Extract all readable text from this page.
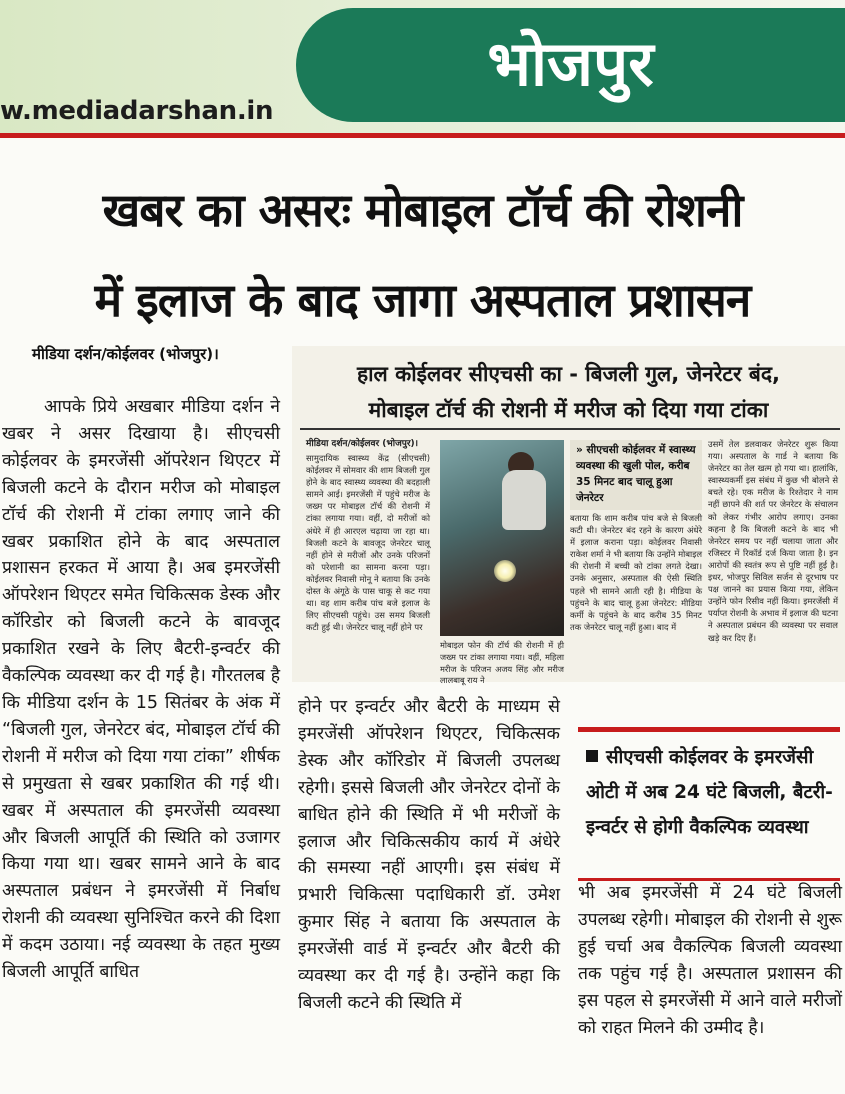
w.mediadarshan.in
भोजपुर
खबर का असरः मोबाइल टॉर्च की रोशनी
में इलाज के बाद जागा अस्पताल प्रशासन
मीडिया दर्शन/कोईलवर (भोजपुर)।

आपके प्रिये अखबार मीडिया दर्शन ने खबर ने असर दिखाया है। सीएचसी कोईलवर के इमरजेंसी ऑपरेशन थिएटर में बिजली कटने के दौरान मरीज को मोबाइल टॉर्च की रोशनी में टांका लगाए जाने की खबर प्रकाशित होने के बाद अस्पताल प्रशासन हरकत में आया है। अब इमरजेंसी ऑपरेशन थिएटर समेत चिकित्सक डेस्क और कॉरिडोर को बिजली कटने के बावजूद प्रकाशित रखने के लिए बैटरी-इन्वर्टर की वैकल्पिक व्यवस्था कर दी गई है। गौरतलब है कि मीडिया दर्शन के 15 सितंबर के अंक में “बिजली गुल, जेनरेटर बंद, मोबाइल टॉर्च की रोशनी में मरीज को दिया गया टांका” शीर्षक से प्रमुखता से खबर प्रकाशित की गई थी। खबर में अस्पताल की इमरजेंसी व्यवस्था और बिजली आपूर्ति की स्थिति को उजागर किया गया था। खबर सामने आने के बाद अस्पताल प्रबंधन ने इमरजेंसी में निर्बाध रोशनी की व्यवस्था सुनिश्चित करने की दिशा में कदम उठाया। नई व्यवस्था के तहत मुख्य बिजली आपूर्ति बाधित

हाल कोईलवर सीएचसी का - बिजली गुल, जेनरेटर बंद,
मोबाइल टॉर्च की रोशनी में मरीज को दिया गया टांका
मीडिया दर्शन/कोईलवर (भोजपुर)।
सामुदायिक स्वास्थ्य केंद्र (सीएचसी) कोईलवर में सोमवार की शाम बिजली गुल होने के बाद स्वास्थ्य व्यवस्था की बदहाली सामने आई। इमरजेंसी में पहुंचे मरीज के जख्म पर मोबाइल टॉर्च की रोशनी में टांका लगाया गया। वहीं, दो मरीजों को अंधेरे में ही आरएल चढ़ाया जा रहा था। बिजली कटने के बावजूद जेनरेटर चालू नहीं होने से मरीजों और उनके परिजनों को परेशानी का सामना करना पड़ा। कोईलवर निवासी मोनू ने बताया कि उनके दोस्त के अंगूठे के पास चाकू से कट गया था। वह शाम करीब पांच बजे इलाज के लिए सीएचसी पहुंचे। उस समय बिजली कटी हुई थी। जेनरेटर चालू नहीं होने पर
मोबाइल फोन की टॉर्च की रोशनी में ही जख्म पर टांका लगाया गया। वहीं, महिला मरीज के परिजन अजय सिंह और मरीज लालबाबू राय ने
» सीएचसी कोईलवर में स्वास्थ्य व्यवस्था की खुली पोल, करीब 35 मिनट बाद चालू हुआ जेनरेटर
बताया कि शाम करीब पांच बजे से बिजली कटी थी। जेनरेटर बंद रहने के कारण अंधेरे में इलाज कराना पड़ा। कोईलवर निवासी राकेश शर्मा ने भी बताया कि उन्होंने मोबाइल की रोशनी में बच्ची को टांका लगते देखा। उनके अनुसार, अस्पताल की ऐसी स्थिति पहले भी सामने आती रही है। मीडिया के पहुंचने के बाद चालू हुआ जेनरेटर: मीडिया कर्मी के पहुंचने के बाद करीब 35 मिनट तक जेनरेटर चालू नहीं हुआ। बाद में
उसमें तेल डलवाकर जेनरेटर शुरू किया गया। अस्पताल के गार्ड ने बताया कि जेनरेटर का तेल खत्म हो गया था। हालांकि, स्वास्थ्यकर्मी इस संबंध में कुछ भी बोलने से बचते रहे। एक मरीज के रिश्तेदार ने नाम नहीं छापने की शर्त पर जेनरेटर के संचालन को लेकर गंभीर आरोप लगाए। उनका कहना है कि बिजली कटने के बाद भी जेनरेटर समय पर नहीं चलाया जाता और रजिस्टर में रिकॉर्ड दर्ज किया जाता है। इन आरोपों की स्वतंत्र रूप से पुष्टि नहीं हुई है। इधर, भोजपुर सिविल सर्जन से दूरभाष पर पक्ष जानने का प्रयास किया गया, लेकिन उन्होंने फोन रिसीव नहीं किया। इमरजेंसी में पर्याप्त रोशनी के अभाव में इलाज की घटना ने अस्पताल प्रबंधन की व्यवस्था पर सवाल खड़े कर दिए हैं।

होने पर इन्वर्टर और बैटरी के माध्यम से इमरजेंसी ऑपरेशन थिएटर, चिकित्सक डेस्क और कॉरिडोर में बिजली उपलब्ध रहेगी। इससे बिजली और जेनरेटर दोनों के बाधित होने की स्थिति में भी मरीजों के इलाज और चिकित्सकीय कार्य में अंधेरे की समस्या नहीं आएगी। इस संबंध में प्रभारी चिकित्सा पदाधिकारी डॉ. उमेश कुमार सिंह ने बताया कि अस्पताल के इमरजेंसी वार्ड में इन्वर्टर और बैटरी की व्यवस्था कर दी गई है। उन्होंने कहा कि बिजली कटने की स्थिति में

सीएचसी कोईलवर के इमरजेंसी ओटी में अब 24 घंटे बिजली, बैटरी-इन्वर्टर से होगी वैकल्पिक व्यवस्था

भी अब इमरजेंसी में 24 घंटे बिजली उपलब्ध रहेगी। मोबाइल की रोशनी से शुरू हुई चर्चा अब वैकल्पिक बिजली व्यवस्था तक पहुंच गई है। अस्पताल प्रशासन की इस पहल से इमरजेंसी में आने वाले मरीजों को राहत मिलने की उम्मीद है।
